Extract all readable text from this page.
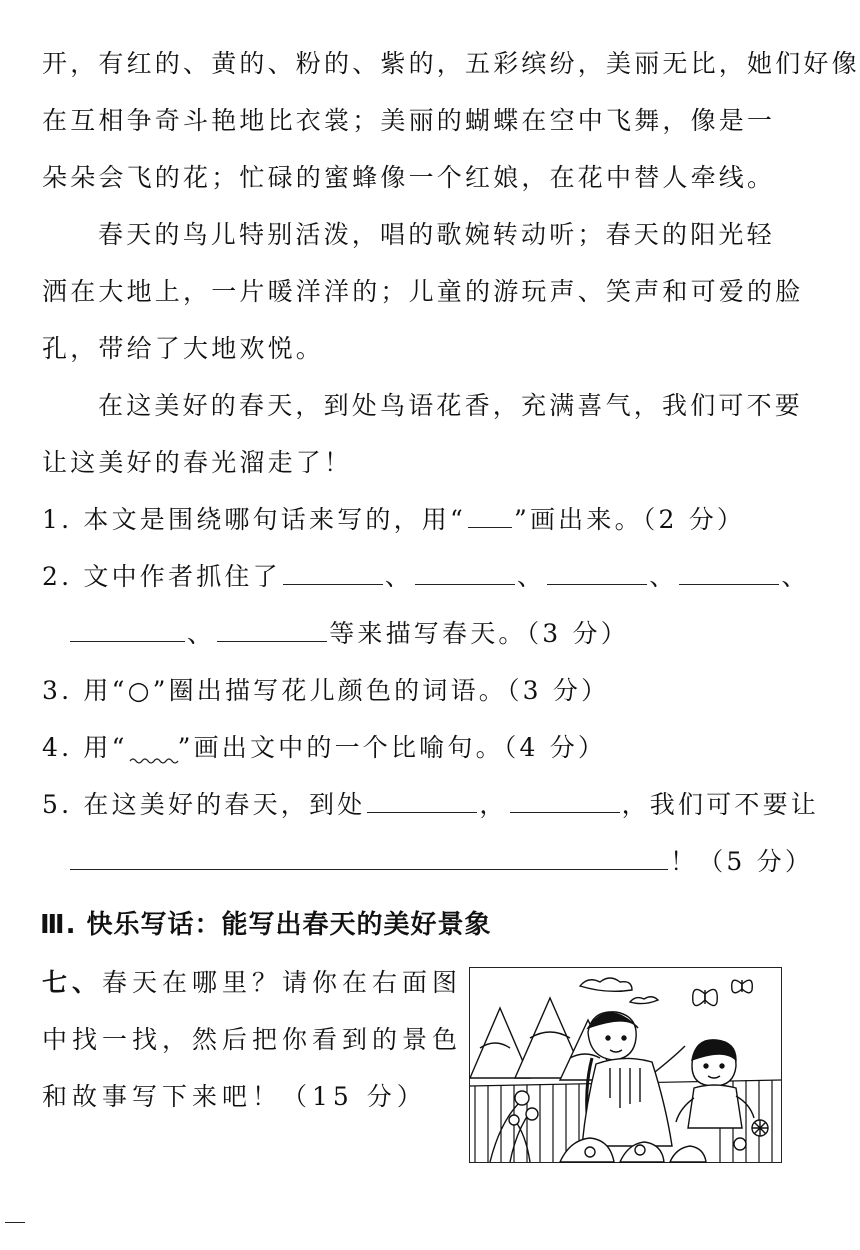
开，有红的、黄的、粉的、紫的，五彩缤纷，美丽无比，她们好像
在互相争奇斗艳地比衣裳；美丽的蝴蝶在空中飞舞，像是一
朵朵会飞的花；忙碌的蜜蜂像一个红娘，在花中替人牵线。
春天的鸟儿特别活泼，唱的歌婉转动听；春天的阳光轻
洒在大地上，一片暖洋洋的；儿童的游玩声、笑声和可爱的脸
孔，带给了大地欢悦。
在这美好的春天，到处鸟语花香，充满喜气，我们可不要
让这美好的春光溜走了！
1. 本文是围绕哪句话来写的，用“ ”画出来。（2 分）
2. 文中作者抓住了	、	、	、	、
、	等来描写春天。（3 分）
3. 用“○”圈出描写花儿颜色的词语。（3 分）
4. 用“ ”画出文中的一个比喻句。（4 分）
5. 在这美好的春天，到处	，	，我们可不要让
！（5 分）
Ⅲ. 快乐写话：能写出春天的美好景象
七、春天在哪里？请你在右面图
中找一找，然后把你看到的景色
和故事写下来吧！（15 分）
